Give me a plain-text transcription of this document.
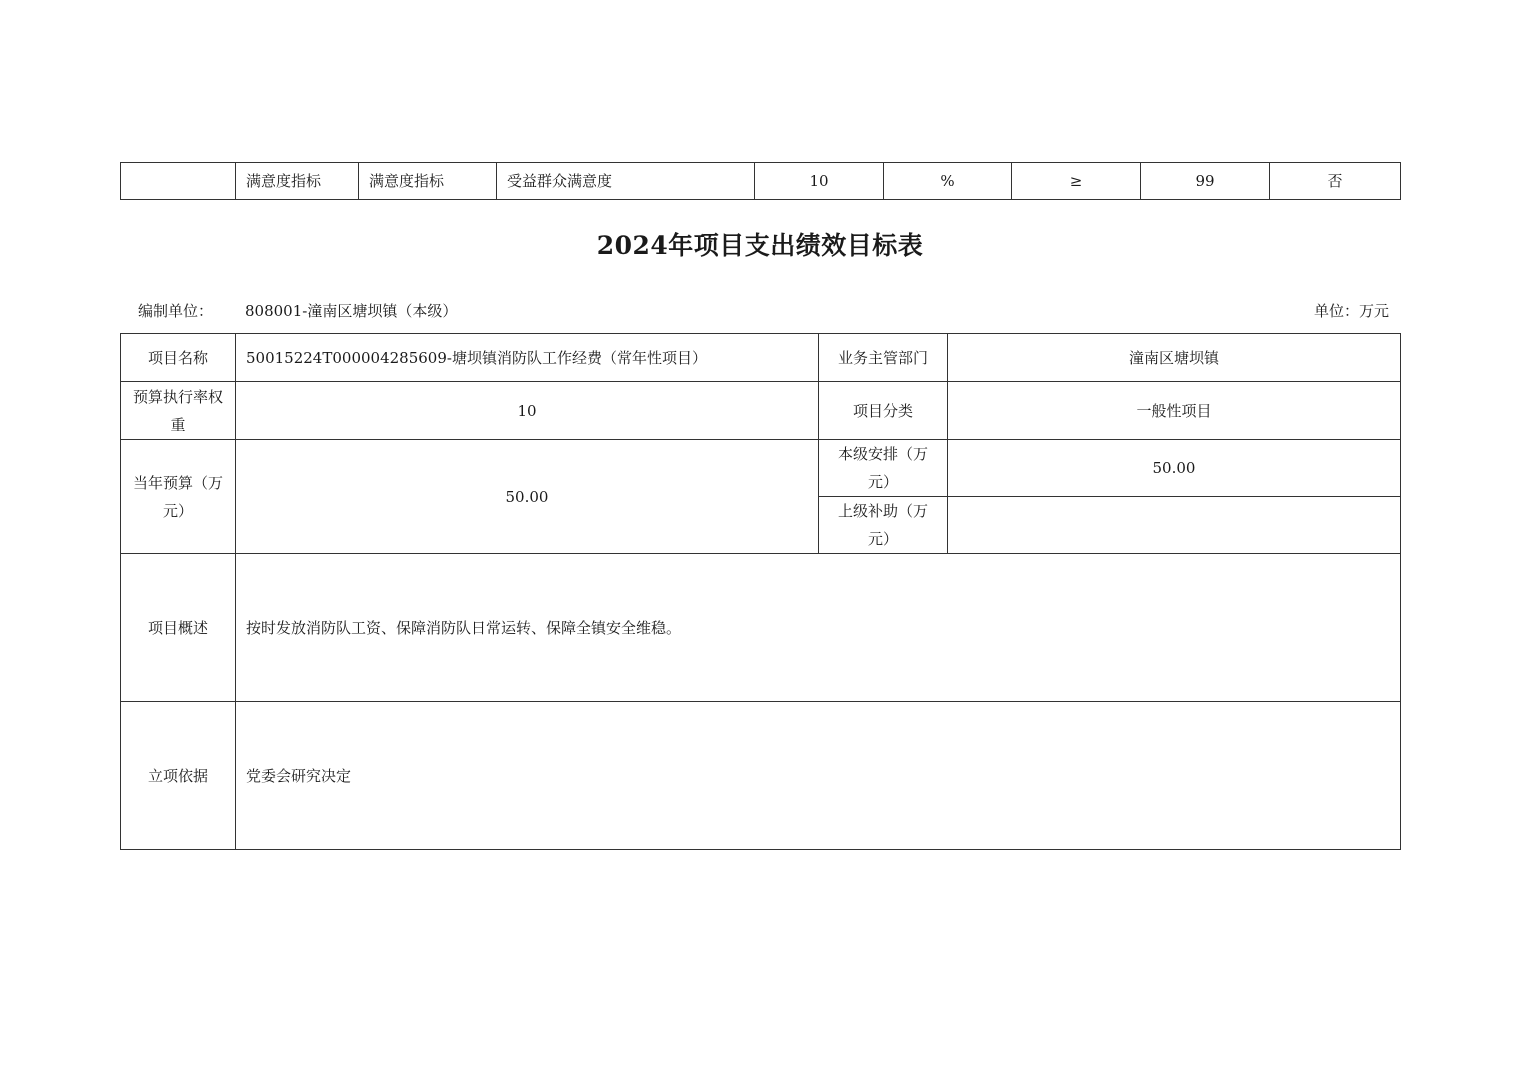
	满意度指标	满意度指标	受益群众满意度	10	%	≥	99	否
2024年项目支出绩效目标表
编制单位： 808001-潼南区塘坝镇（本级）	单位：万元
项目名称	50015224T000004285609-塘坝镇消防队工作经费（常年性项目）	业务主管部门	潼南区塘坝镇
预算执行率权重	10	项目分类	一般性项目
当年预算（万元）	50.00	本级安排（万元）	50.00
		上级补助（万元）	
项目概述	按时发放消防队工资、保障消防队日常运转、保障全镇安全维稳。		
立项依据	党委会研究决定		
